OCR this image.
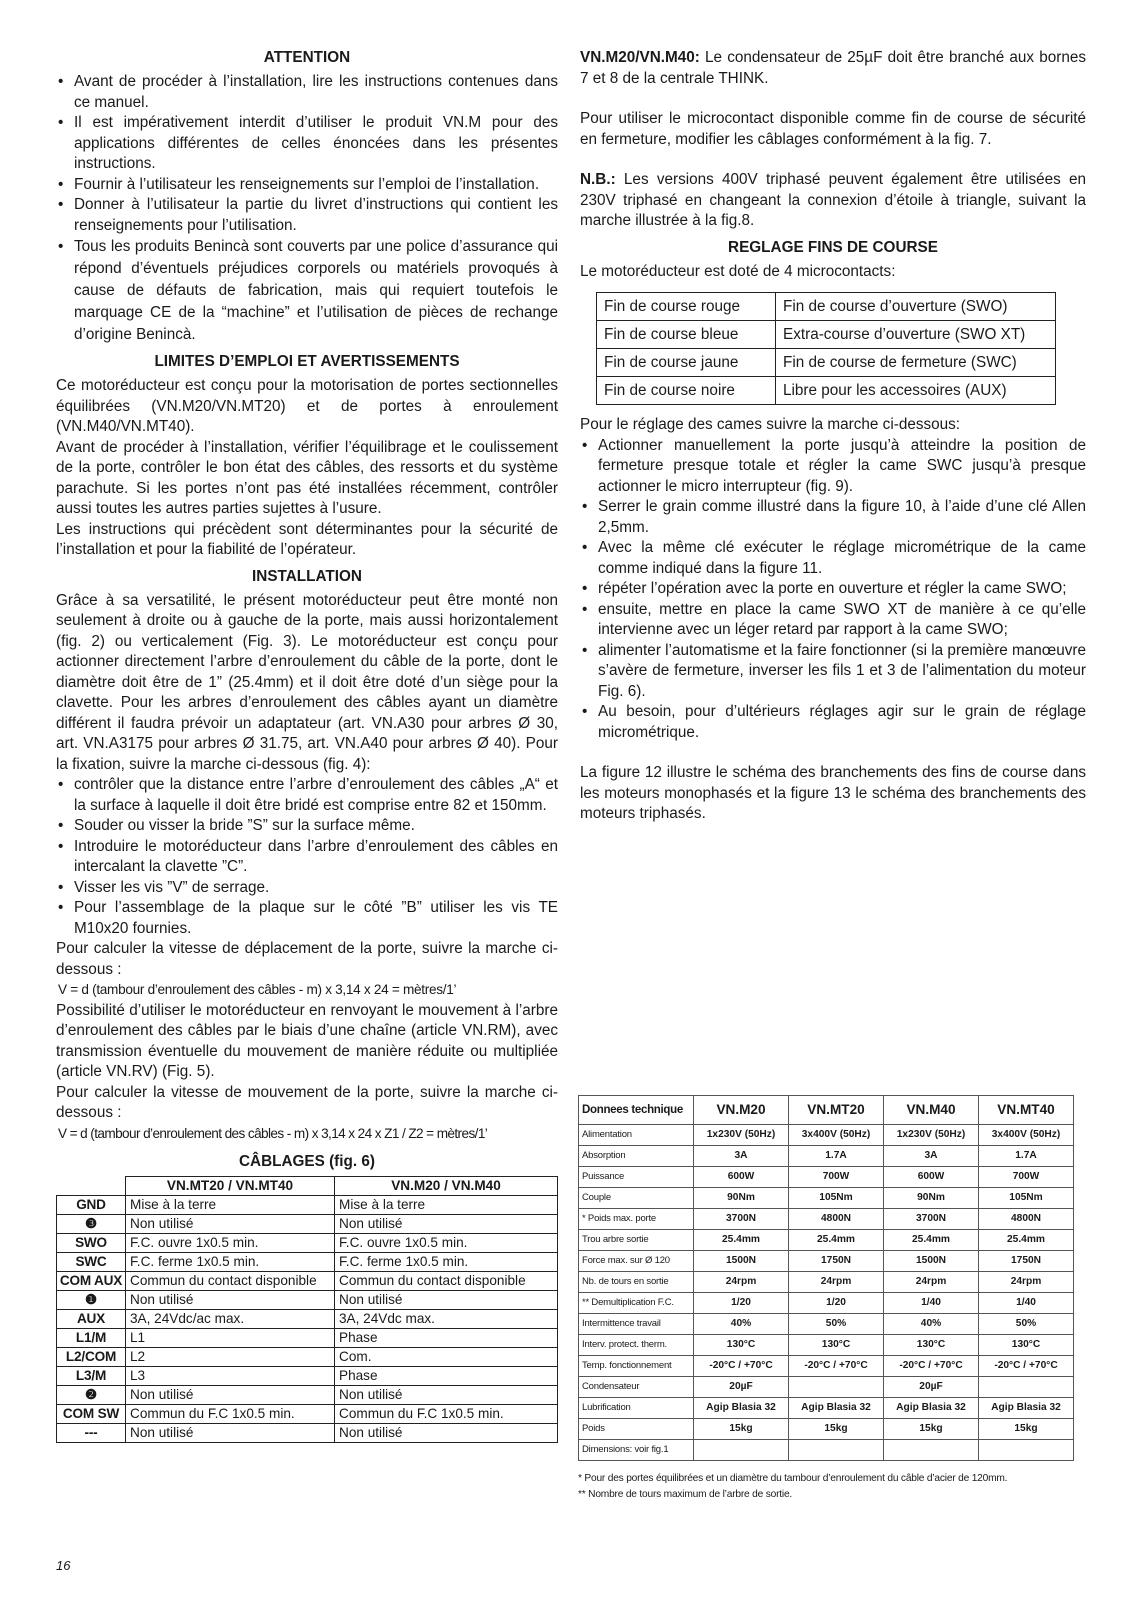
ATTENTION
• Avant de procéder à l’installation, lire les instructions contenues dans ce manuel.
• Il est impérativement interdit d’utiliser le produit VN.M pour des applications différentes de celles énoncées dans les présentes instructions.
• Fournir à l’utilisateur les renseignements sur l’emploi de l’installation.
• Donner à l’utilisateur la partie du livret d’instructions qui contient les renseignements pour l’utilisation.
• Tous les produits Benincà sont couverts par une police d’assurance qui répond d’éventuels préjudices corporels ou matériels provoqués à cause de défauts de fabrication, mais qui requiert toutefois le marquage CE de la “machine” et l’utilisation de pièces de rechange d’origine Benincà.
LIMITES D’EMPLOI ET AVERTISSEMENTS

Ce motoréducteur est conçu pour la motorisation de portes sectionnelles équilibrées (VN.M20/VN.MT20) et de portes à enroulement (VN.M40/VN.MT40).

Avant de procéder à l’installation, vérifier l’équilibrage et le coulissement de la porte, contrôler le bon état des câbles, des ressorts et du système parachute. Si les portes n’ont pas été installées récemment, contrôler aussi toutes les autres parties sujettes à l’usure.

Les instructions qui précèdent sont déterminantes pour la sécurité de l’installation et pour la fiabilité de l’opérateur.

INSTALLATION

Grâce à sa versatilité, le présent motoréducteur peut être monté non seulement à droite ou à gauche de la porte, mais aussi horizontalement (fig. 2) ou verticalement (Fig. 3). Le motoréducteur est conçu pour actionner directement l’arbre d’enroulement du câble de la porte, dont le diamètre doit être de 1” (25.4mm) et il doit être doté d’un siège pour la clavette. Pour les arbres d’enroulement des câbles ayant un diamètre différent il faudra prévoir un adaptateur (art. VN.A30 pour arbres Ø 30, art. VN.A3175 pour arbres Ø 31.75, art. VN.A40 pour arbres Ø 40). Pour la fixation, suivre la marche ci-dessous (fig. 4):

• contrôler que la distance entre l’arbre d’enroulement des câbles „A“ et la surface à laquelle il doit être bridé est comprise entre 82 et 150mm.
• Souder ou visser la bride ”S” sur la surface même.
• Introduire le motoréducteur dans l’arbre d’enroulement des câbles en intercalant la clavette ”C”.
• Visser les vis ”V” de serrage.
• Pour l’assemblage de la plaque sur le côté ”B” utiliser les vis TE M10x20 fournies.

Pour calculer la vitesse de déplacement de la porte, suivre la marche ci-dessous :

V = d (tambour d’enroulement des câbles - m) x 3,14 x 24 = mètres/1’

Possibilité d’utiliser le motoréducteur en renvoyant le mouvement à l’arbre d’enroulement des câbles par le biais d’une chaîne (article VN.RM), avec transmission éventuelle du mouvement de manière réduite ou multipliée (article VN.RV) (Fig. 5).

Pour calculer la vitesse de mouvement de la porte, suivre la marche ci-dessous :

V = d (tambour d’enroulement des câbles - m) x 3,14 x 24 x Z1 / Z2 = mètres/1’
CÂBLAGES (fig. 6)
	VN.MT20 / VN.MT40	VN.M20 / VN.M40
GND	Mise à la terre	Mise à la terre
❸	Non utilisé	Non utilisé
SWO	F.C. ouvre 1x0.5 min.	F.C. ouvre 1x0.5 min.
SWC	F.C. ferme 1x0.5 min.	F.C. ferme 1x0.5 min.
COM AUX	Commun du contact disponible	Commun du contact disponible
❶	Non utilisé	Non utilisé
AUX	3A, 24Vdc/ac max.	3A, 24Vdc max.
L1/M	L1	Phase
L2/COM	L2	Com.
L3/M	L3	Phase
❷	Non utilisé	Non utilisé
COM SW	Commun du F.C 1x0.5 min.	Commun du F.C 1x0.5 min.
---	Non utilisé	Non utilisé

VN.M20/VN.M40: Le condensateur de 25µF doit être branché aux bornes 7 et 8 de la centrale THINK.

Pour utiliser le microcontact disponible comme fin de course de sécurité en fermeture, modifier les câblages conformément à la fig. 7.

N.B.: Les versions 400V triphasé peuvent également être utilisées en 230V triphasé en changeant la connexion d’étoile à triangle, suivant la marche illustrée à la fig.8.

REGLAGE FINS DE COURSE

Le motoréducteur est doté de 4 microcontacts:

Fin de course rouge	Fin de course d’ouverture (SWO)
Fin de course bleue	Extra-course d’ouverture (SWO XT)
Fin de course jaune	Fin de course de fermeture (SWC)
Fin de course noire	Libre pour les accessoires (AUX)

Pour le réglage des cames suivre la marche ci-dessous:

• Actionner manuellement la porte jusqu’à atteindre la position de fermeture presque totale et régler la came SWC jusqu’à presque actionner le micro interrupteur (fig. 9).
• Serrer le grain comme illustré dans la figure 10, à l’aide d’une clé Allen 2,5mm.
• Avec la même clé exécuter le réglage micrométrique de la came comme indiqué dans la figure 11.
• répéter l’opération avec la porte en ouverture et régler la came SWO;
• ensuite, mettre en place la came SWO XT de manière à ce qu’elle intervienne avec un léger retard par rapport à la came SWO;
• alimenter l’automatisme et la faire fonctionner (si la première manœuvre s’avère de fermeture, inverser les fils 1 et 3 de l’alimentation du moteur Fig. 6).
• Au besoin, pour d’ultérieurs réglages agir sur le grain de réglage micrométrique.

La figure 12 illustre le schéma des branchements des fins de course dans les moteurs monophasés et la figure 13 le schéma des branchements des moteurs triphasés.

Donnees technique	VN.M20	VN.MT20	VN.M40	VN.MT40
Alimentation	1x230V (50Hz)	3x400V (50Hz)	1x230V (50Hz)	3x400V (50Hz)
Absorption	3A	1.7A	3A	1.7A
Puissance	600W	700W	600W	700W
Couple	90Nm	105Nm	90Nm	105Nm
* Poids max. porte	3700N	4800N	3700N	4800N
Trou arbre sortie	25.4mm	25.4mm	25.4mm	25.4mm
Force max. sur Ø 120	1500N	1750N	1500N	1750N
Nb. de tours en sortie	24rpm	24rpm	24rpm	24rpm
** Demultiplication F.C.	1/20	1/20	1/40	1/40
Intermittence travail	40%	50%	40%	50%
Interv. protect. therm.	130°C	130°C	130°C	130°C
Temp. fonctionnement	-20°C / +70°C	-20°C / +70°C	-20°C / +70°C	-20°C / +70°C
Condensateur	20µF		20µF	
Lubrification	Agip Blasia 32	Agip Blasia 32	Agip Blasia 32	Agip Blasia 32
Poids	15kg	15kg	15kg	15kg
Dimensions: voir fig.1				
* Pour des portes équilibrées et un diamètre du tambour d’enroulement du câble d’acier de 120mm.
** Nombre de tours maximum de l’arbre de sortie.
16
